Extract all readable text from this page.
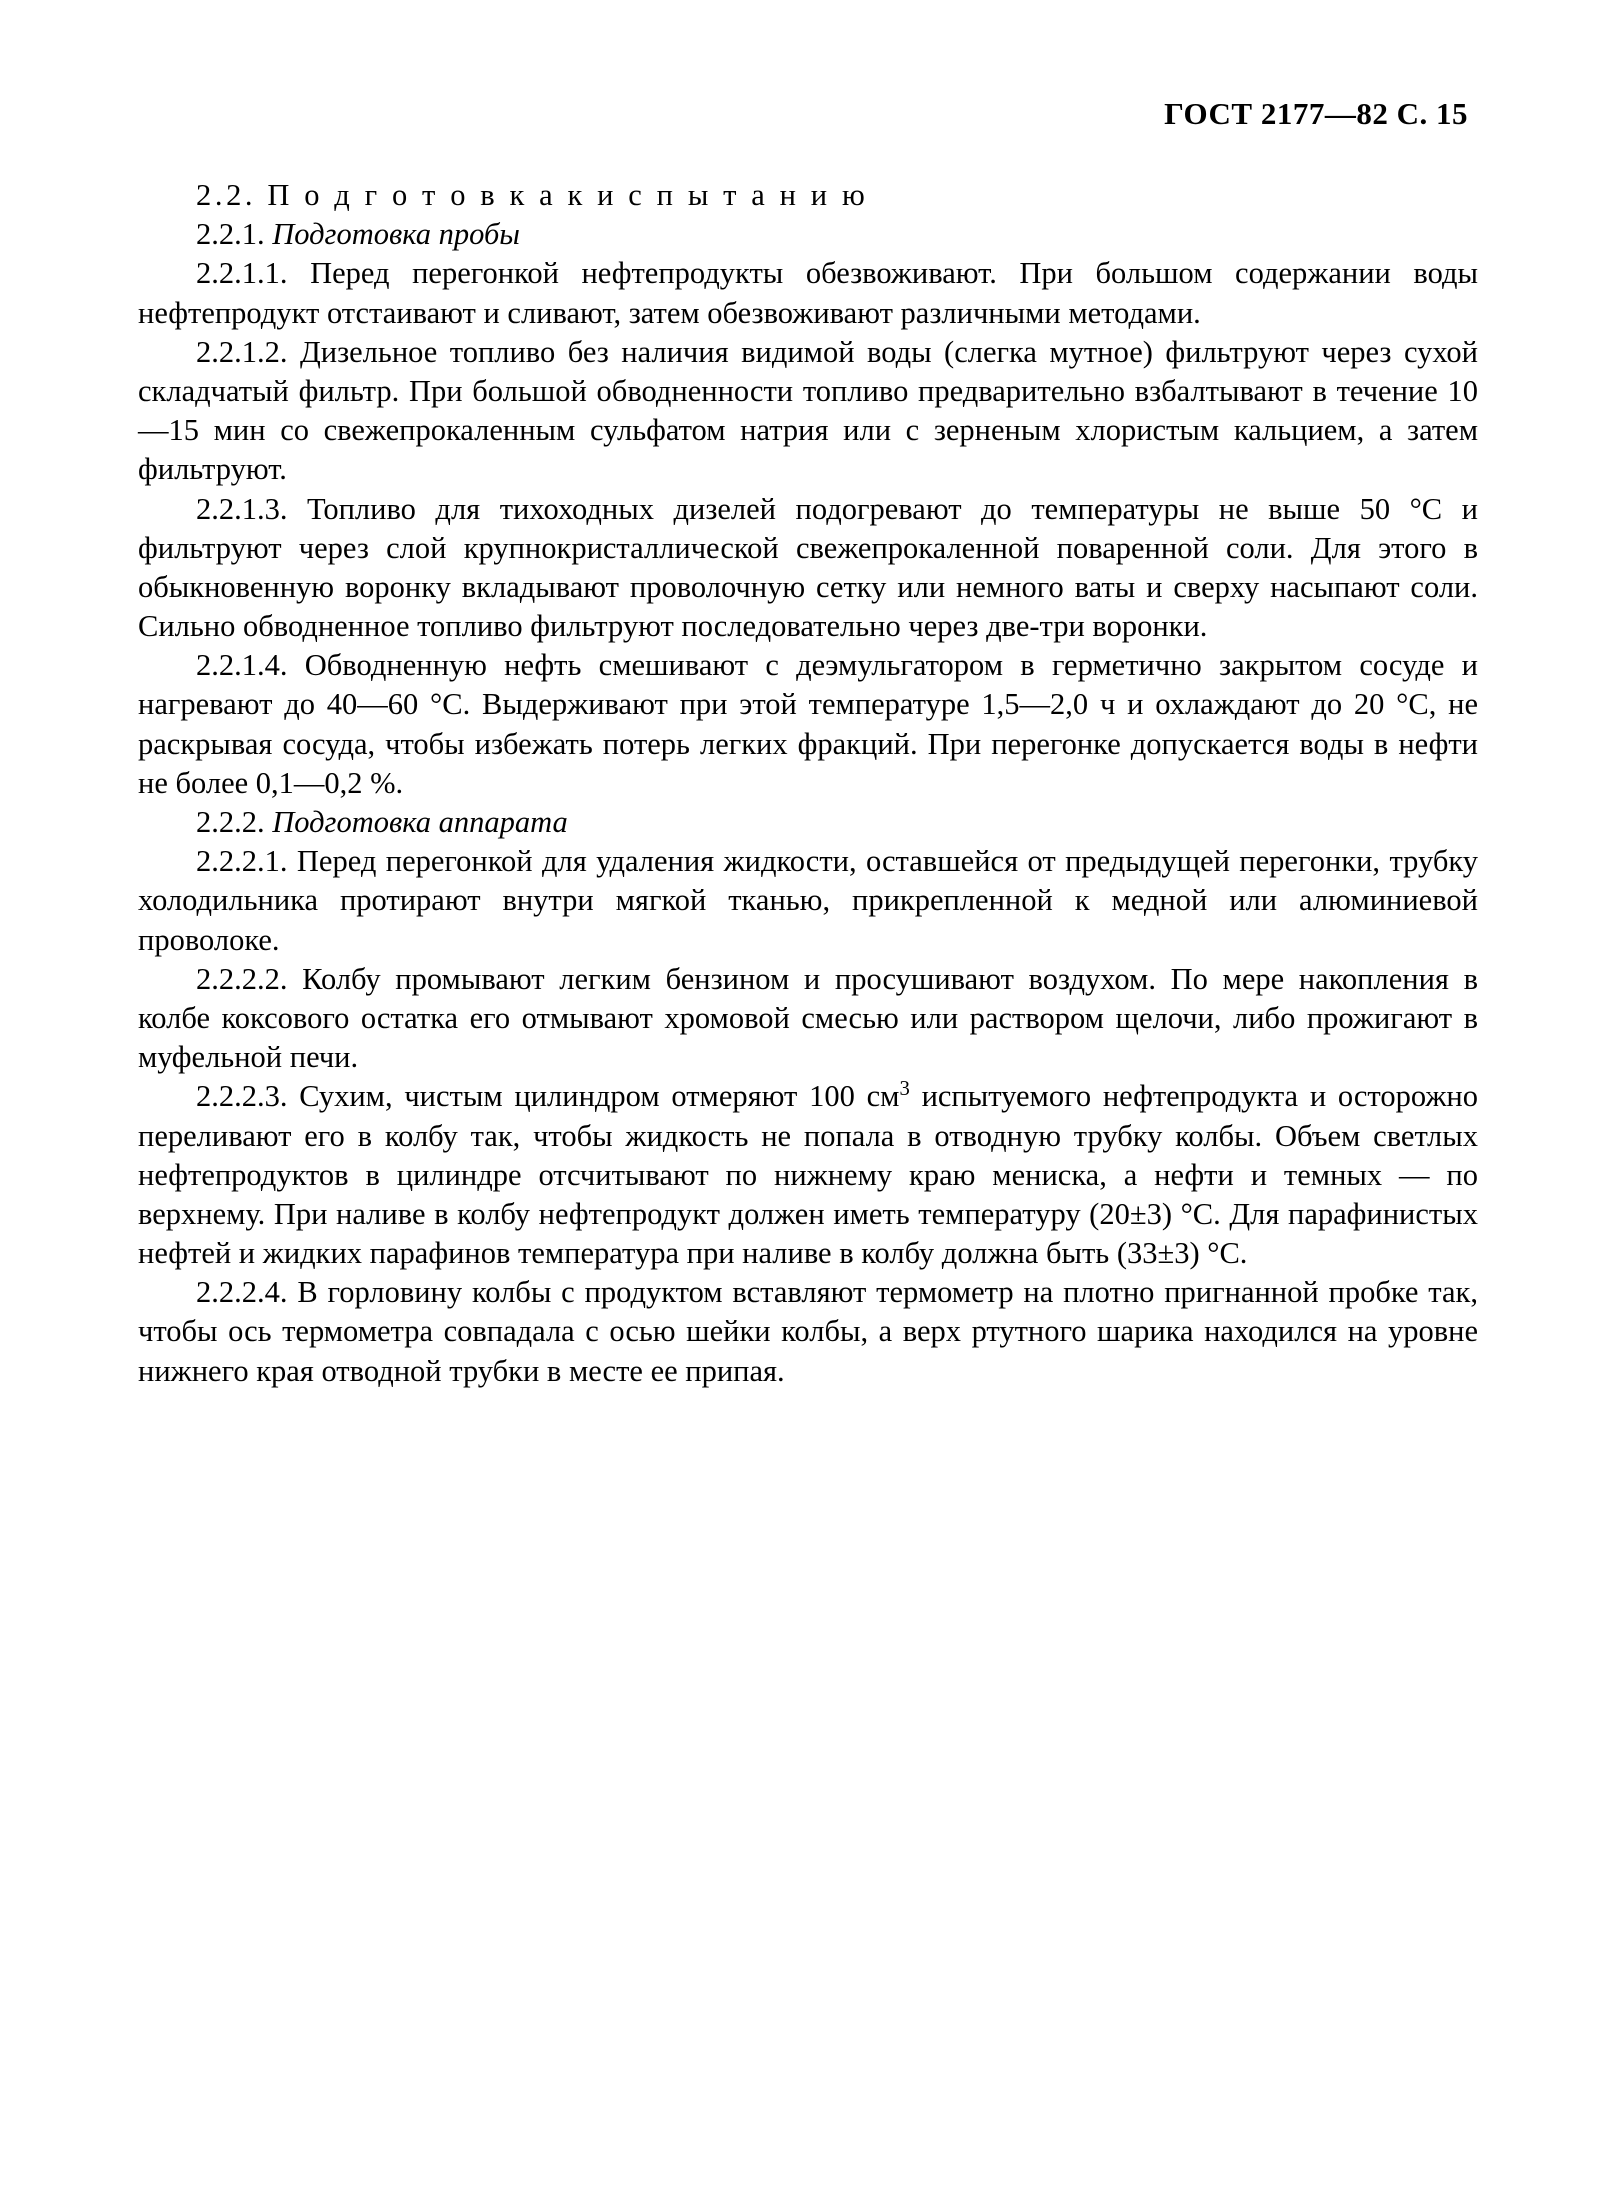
ГОСТ 2177—82 С. 15

2.2. П о д г о т о в к а к и с п ы т а н и ю

2.2.1. Подготовка пробы

2.2.1.1. Перед перегонкой нефтепродукты обезвоживают. При большом содержании воды нефтепродукт отстаивают и сливают, затем обезвоживают различными методами.

2.2.1.2. Дизельное топливо без наличия видимой воды (слегка мутное) фильтруют через сухой складчатый фильтр. При большой обводненности топливо предварительно взбалтывают в течение 10—15 мин со свежепрокаленным сульфатом натрия или с зерненым хлористым кальцием, а затем фильтруют.

2.2.1.3. Топливо для тихоходных дизелей подогревают до температуры не выше 50 °С и фильтруют через слой крупнокристаллической свежепрокаленной поваренной соли. Для этого в обыкновенную воронку вкладывают проволочную сетку или немного ваты и сверху насыпают соли. Сильно обводненное топливо фильтруют последовательно через две-три воронки.

2.2.1.4. Обводненную нефть смешивают с деэмульгатором в герметично закрытом сосуде и нагревают до 40—60 °С. Выдерживают при этой температуре 1,5—2,0 ч и охлаждают до 20 °С, не раскрывая сосуда, чтобы избежать потерь легких фракций. При перегонке допускается воды в нефти не более 0,1—0,2 %.

2.2.2. Подготовка аппарата

2.2.2.1. Перед перегонкой для удаления жидкости, оставшейся от предыдущей перегонки, трубку холодильника протирают внутри мягкой тканью, прикрепленной к медной или алюминиевой проволоке.

2.2.2.2. Колбу промывают легким бензином и просушивают воздухом. По мере накопления в колбе коксового остатка его отмывают хромовой смесью или раствором щелочи, либо прожигают в муфельной печи.

2.2.2.3. Сухим, чистым цилиндром отмеряют 100 $см^3$ испытуемого нефтепродукта и осторожно переливают его в колбу так, чтобы жидкость не попала в отводную трубку колбы. Объем светлых нефтепродуктов в цилиндре отсчитывают по нижнему краю мениска, а нефти и темных — по верхнему. При наливе в колбу нефтепродукт должен иметь температуру (20±3) °С. Для парафинистых нефтей и жидких парафинов температура при наливе в колбу должна быть (33±3) °С.

2.2.2.4. В горловину колбы с продуктом вставляют термометр на плотно пригнанной пробке так, чтобы ось термометра совпадала с осью шейки колбы, а верх ртутного шарика находился на уровне нижнего края отводной трубки в месте ее припая.
